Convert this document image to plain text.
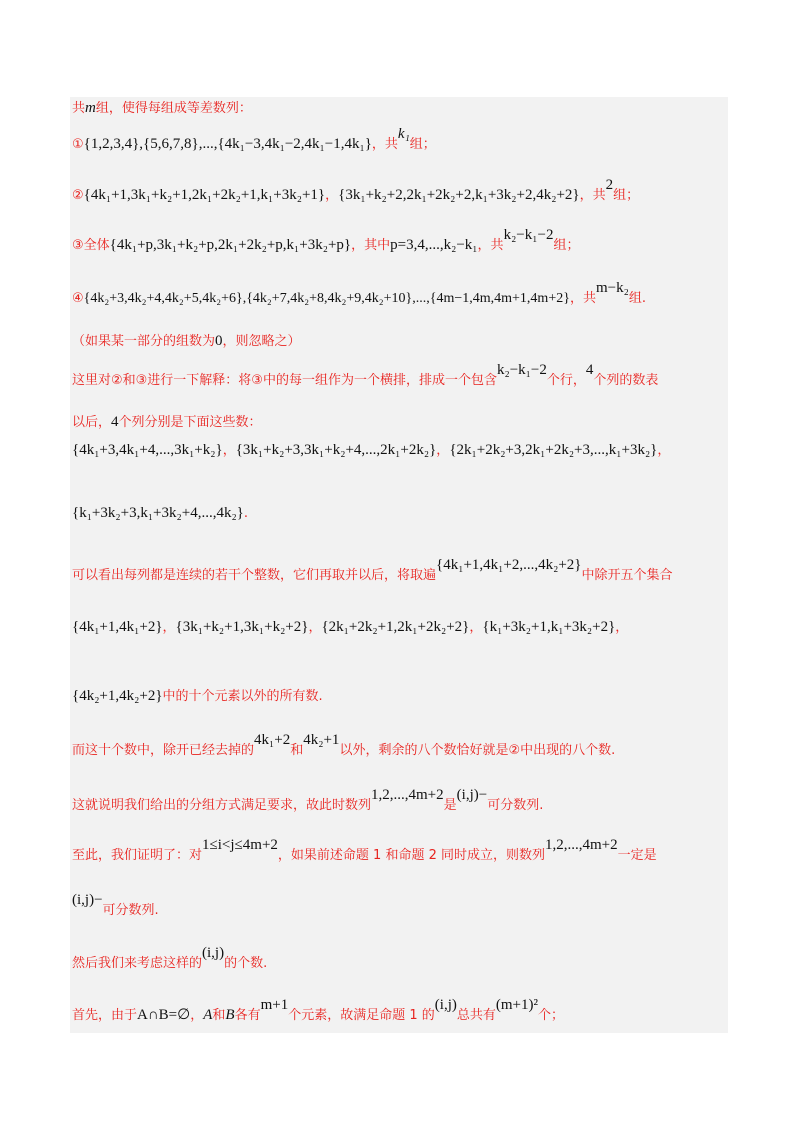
共m组，使得每组成等差数列：
①{1,2,3,4},{5,6,7,8},...,{4k₁−3,4k₁−2,4k₁−1,4k₁}，共k₁组；
②{4k₁+1,3k₁+k₂+1,2k₁+2k₂+1,k₁+3k₂+1}，{3k₁+k₂+2,2k₁+2k₂+2,k₁+3k₂+2,4k₂+2}，共2组；
③全体{4k₁+p,3k₁+k₂+p,2k₁+2k₂+p,k₁+3k₂+p}，其中p=3,4,...,k₂−k₁，共k₂−k₁−2组；
④{4k₂+3,4k₂+4,4k₂+5,4k₂+6},{4k₂+7,4k₂+8,4k₂+9,4k₂+10},...,{4m−1,4m,4m+1,4m+2}，共m−k₂组.
（如果某一部分的组数为0，则忽略之）
这里对②和③进行一下解释：将③中的每一组作为一个横排，排成一个包含k₂−k₁−2个行，4个列的数表
以后，4个列分别是下面这些数：
{4k₁+3,4k₁+4,...,3k₁+k₂}，{3k₁+k₂+3,3k₁+k₂+4,...,2k₁+2k₂}，{2k₁+2k₂+3,2k₁+2k₂+3,...,k₁+3k₂}，
{k₁+3k₂+3,k₁+3k₂+4,...,4k₂}.
可以看出每列都是连续的若干个整数，它们再取并以后，将取遍{4k₁+1,4k₁+2,...,4k₂+2}中除开五个集合
{4k₁+1,4k₁+2}，{3k₁+k₂+1,3k₁+k₂+2}，{2k₁+2k₂+1,2k₁+2k₂+2}，{k₁+3k₂+1,k₁+3k₂+2}，
{4k₂+1,4k₂+2}中的十个元素以外的所有数.
而这十个数中，除开已经去掉的4k₁+2和4k₂+1以外，剩余的八个数恰好就是②中出现的八个数.
这就说明我们给出的分组方式满足要求，故此时数列1,2,...,4m+2是(i,j)−可分数列.
至此，我们证明了：对1≤i<j≤4m+2，如果前述命题 1 和命题 2 同时成立，则数列1,2,...,4m+2一定是
(i,j)−可分数列.
然后我们来考虑这样的(i,j)的个数.
首先，由于A∩B=∅，A和B各有m+1个元素，故满足命题 1 的(i,j)总共有(m+1)²个；
